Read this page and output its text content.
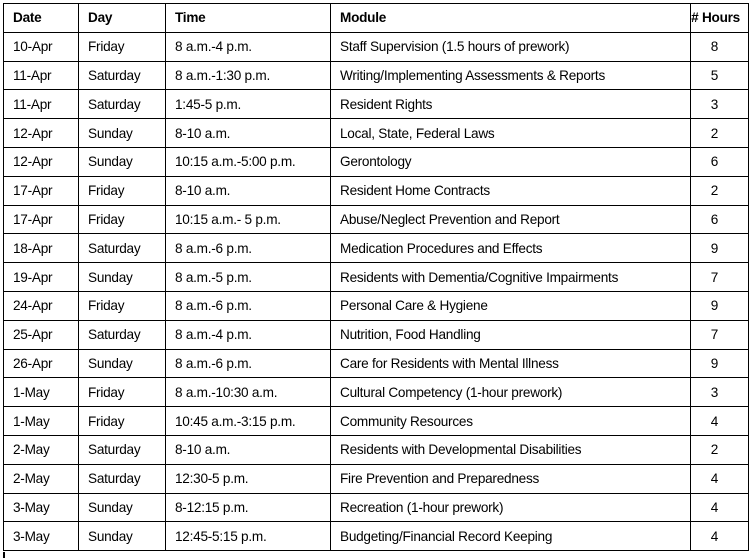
Date	Day	Time	Module	# Hours
10-Apr	Friday	8 a.m.-4 p.m.	Staff Supervision (1.5 hours of prework)	8
11-Apr	Saturday	8 a.m.-1:30 p.m.	Writing/Implementing Assessments & Reports	5
11-Apr	Saturday	1:45-5 p.m.	Resident Rights	3
12-Apr	Sunday	8-10 a.m.	Local, State, Federal Laws	2
12-Apr	Sunday	10:15 a.m.-5:00 p.m.	Gerontology	6
17-Apr	Friday	8-10 a.m.	Resident Home Contracts	2
17-Apr	Friday	10:15 a.m.- 5 p.m.	Abuse/Neglect Prevention and Report	6
18-Apr	Saturday	8 a.m.-6 p.m.	Medication Procedures and Effects	9
19-Apr	Sunday	8 a.m.-5 p.m.	Residents with Dementia/Cognitive Impairments	7
24-Apr	Friday	8 a.m.-6 p.m.	Personal Care & Hygiene	9
25-Apr	Saturday	8 a.m.-4 p.m.	Nutrition, Food Handling	7
26-Apr	Sunday	8 a.m.-6 p.m.	Care for Residents with Mental Illness	9
1-May	Friday	8 a.m.-10:30 a.m.	Cultural Competency (1-hour prework)	3
1-May	Friday	10:45 a.m.-3:15 p.m.	Community Resources	4
2-May	Saturday	8-10 a.m.	Residents with Developmental Disabilities	2
2-May	Saturday	12:30-5 p.m.	Fire Prevention and Preparedness	4
3-May	Sunday	8-12:15 p.m.	Recreation (1-hour prework)	4
3-May	Sunday	12:45-5:15 p.m.	Budgeting/Financial Record Keeping	4
